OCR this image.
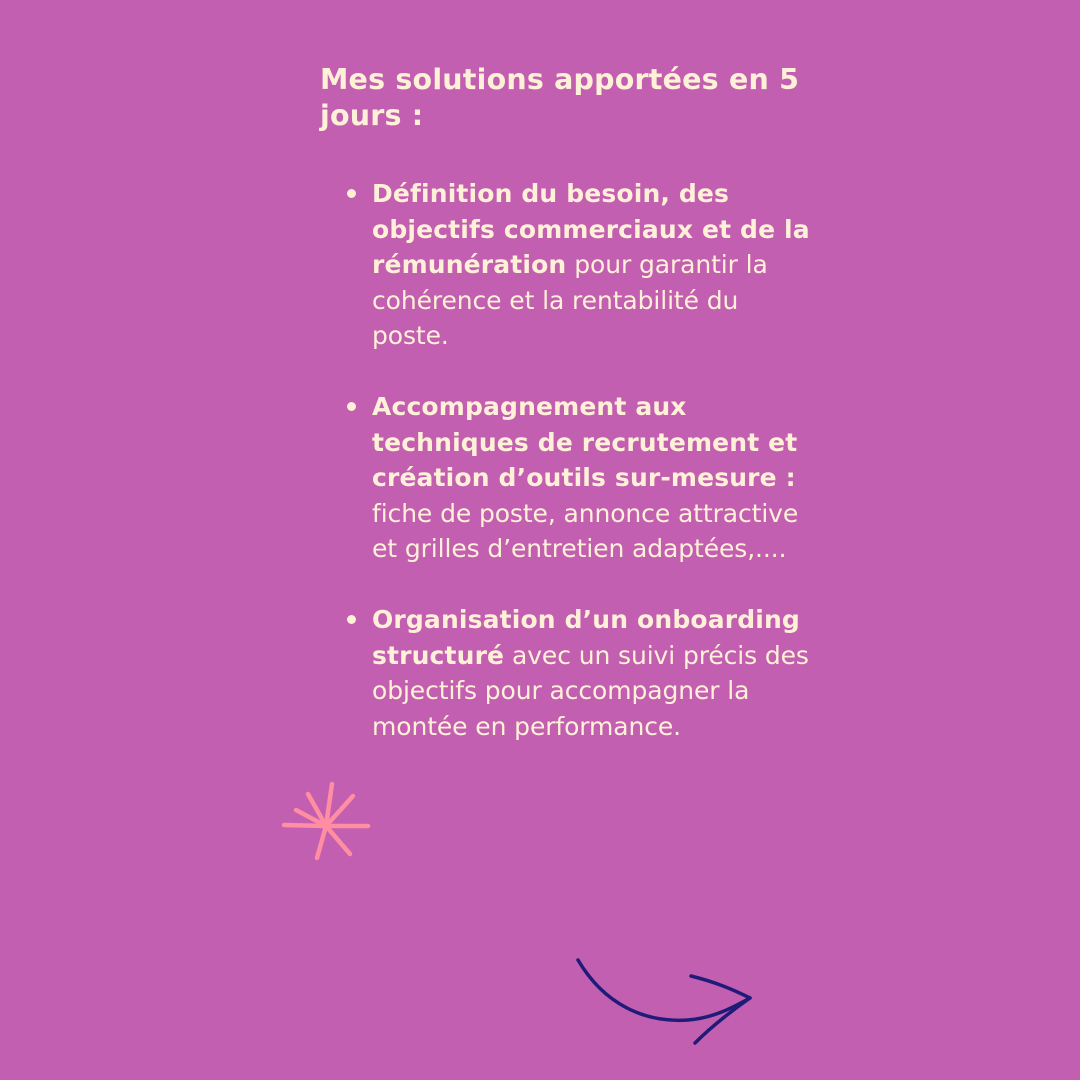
Mes solutions apportées en 5 jours :
Définition du besoin, des objectifs commerciaux et de la rémunération pour garantir la cohérence et la rentabilité du poste.
Accompagnement aux techniques de recrutement et création d’outils sur-mesure : fiche de poste, annonce attractive et grilles d’entretien adaptées,....
Organisation d’un onboarding structuré avec un suivi précis des objectifs pour accompagner la montée en performance.
